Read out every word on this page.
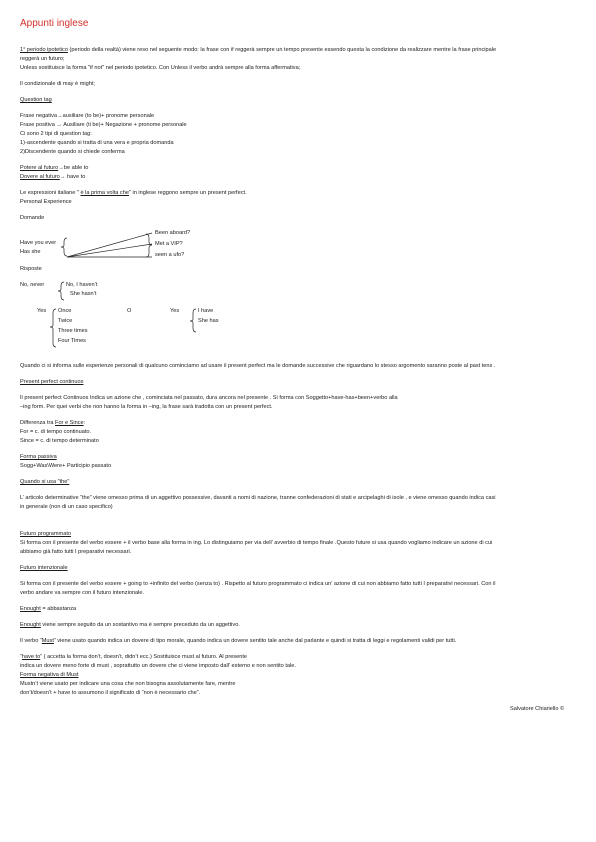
Appunti inglese
1° periodo ipotetico (periodo della realtà) viene reso nel seguente modo: la frase con if reggerà sempre un tempo presente essendo questa la condizione da realizzare mentre la frase principale
reggerà un futuro;
Unless sostituisce la forma "if not" nel periodo ipotetico. Con Unless il verbo andrà sempre alla forma affermativa;
Il condizionale di may è might;
Question tag
Frase negativa→ausiliare (to be)+ pronome personale
Frase positiva → Ausiliare (ti be)+ Negazione + pronome personale
Ci sono 2 tipi di question tag:
1)-ascendente quando si tratta di una vera e propria domanda
2)Discendente quando si chiede conferma
Potere al futuro→be able to
Dovere al futuro→ have to
Le espressioni italiane " è la prima volta che" in inglese reggono sempre un present perfect.
Personal Experience
Domande
Have you ever
Has she
Been aboard?
Met a VIP?
seen a ufo?
Risposte
No, never	No, I haven’t
She hasn’t
Yes Once
Twice
Three times
Four Times
O	Yes	I have
She has
Quando ci si informa sulle esperienze personali di qualcuno cominciamo ad usare il present perfect ma le domande successive che riguardano lo stesso argomento saranno poste al past tens .
Present perfect continuos
Il present perfect Continuos Indica un azione che , cominciata nel passato, dura ancora nel presente . Si forma con Soggetto+have-has+been+verbo alla
–ing form. Per quei verbi che non hanno la forma in –ing, la frase sarà tradotta con un present perfect.
Differenza tra For e Since:
For = c. di tempo continuato.
Since = c. di tempo determinato
Forma passiva
Sogg+Was\Were+ Participio passato
Quando si usa "the"
L’ articolo determinative “the” viene omesso prima di un aggettivo possessive, davanti a nomi di nazione, tranne confederazioni di stati e arcipelaghi di isole , e viene omesso quando indica casi
in generale (non di un caso specifico)
Futuro programmato
Si forma con il presente del verbo essere + il verbo base alla forma in ing. Lo distinguiamo per via dell’ avverbio di tempo finale .Questo future si usa quando vogliamo indicare un azione di cui
abbiamo già fatto tutti I preparativi necessari.
Futuro intenzionale
Si forma con il presente del verbo essere + going to +infinito del verbo (senza to) . Rispetto al futuro programmato ci indica un’ azione di cui non abbiamo fatto tutti I preparativi necessari. Con il
verbo andare va sempre con il futuro intenzionale.
Enought = abbastanza
Enought viene sempre seguito da un sostantivo ma è sempre preceduto da un aggettivo.
Il verbo “Must” viene usato quando indica un dovere di tipo morale, quando indica un dovere sentito tale anche dal parlante e quindi si tratta di leggi e regolamenti validi per tutti.
“have to” ( accetta la forma don’t, doesn’t, didn’t ecc.) Sostituisce must al futuro. Al presente
indica un dovere meno forte di must , soprattutto un dovere che ci viene imposto dall’ esterno e non sentito tale.
Forma negativa di Must
Mustn’t viene usato per indicare una cosa che non bisogna assolutamente fare, mentre
don’t/doesn’t + have to assumono il significato di “non è necessario che”.
Salvatore Chiariello ©
